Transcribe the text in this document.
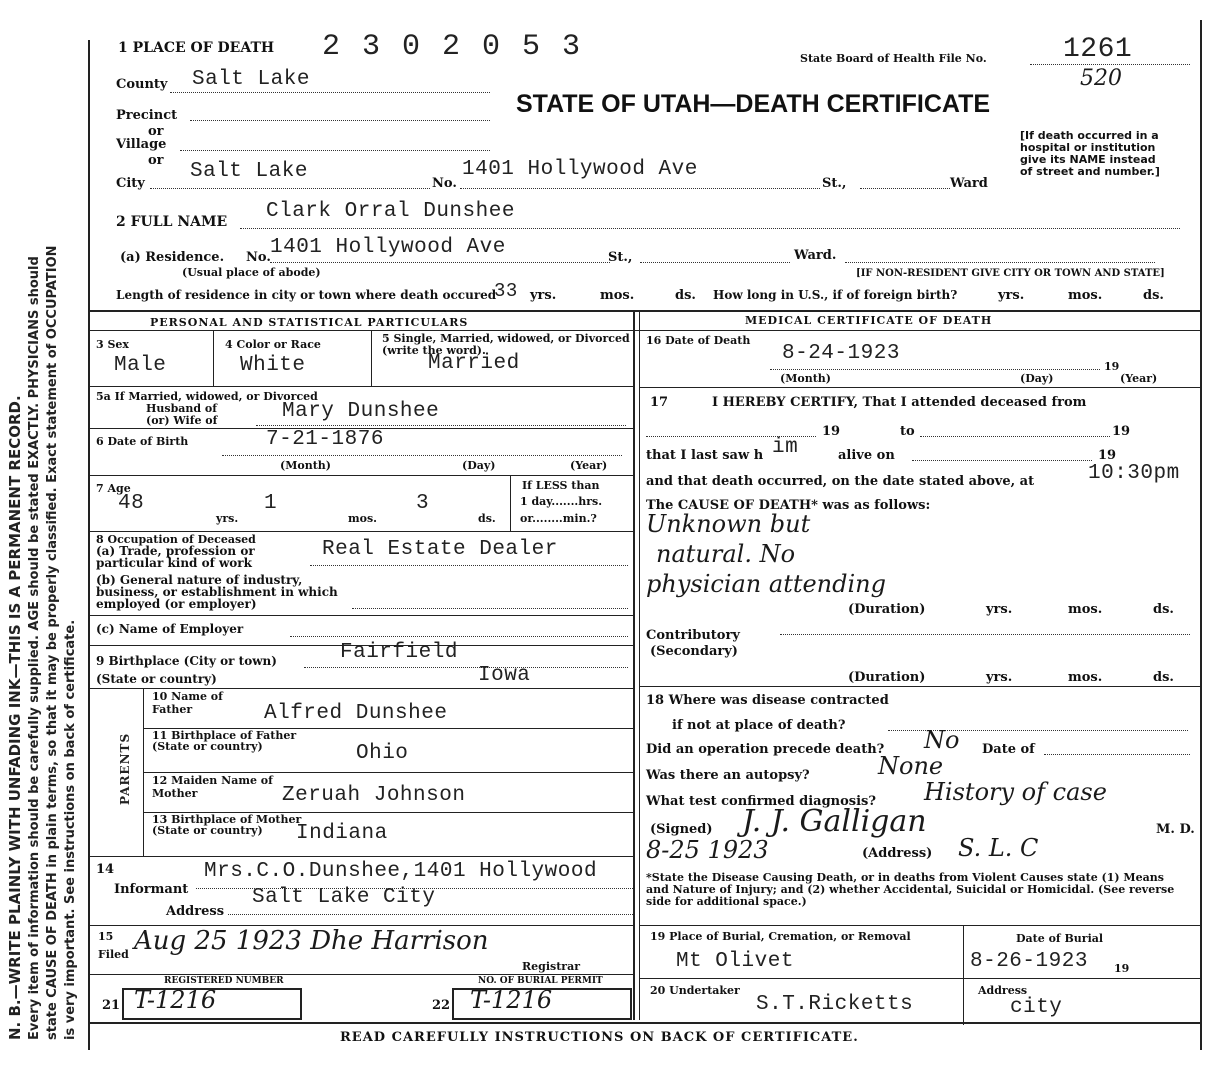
N. B.—WRITE PLAINLY WITH UNFADING INK—THIS IS A PERMANENT RECORD. Every item of information should be carefully supplied. AGE should be stated EXACTLY. PHYSICIANS should state CAUSE OF DEATH in plain terms, so that it may be properly classified. Exact statement of OCCUPATION is very important. See instructions on back of certificate.
1 PLACE OF DEATH 2 3 0 2 0 5 3	State Board of Health File No.	1261
520
STATE OF UTAH—DEATH CERTIFICATE
County Salt Lake
Precinct
or
Village
or
City
Salt Lake
No.
1401 Hollywood Ave
St.,	Ward
[If death occurred in a hospital or institution give its NAME instead of street and number.]
2 FULL NAME Clark Orral Dunshee
(a) Residence. No. 1401 Hollywood Ave	St.,	Ward.
(Usual place of abode)	[IF NON-RESIDENT GIVE CITY OR TOWN AND STATE]
Length of residence in city or town where death occured
33 yrs.	mos.	ds. How long in U.S., if of foreign birth?	yrs.	mos.	ds.
PERSONAL AND STATISTICAL PARTICULARS	MEDICAL CERTIFICATE OF DEATH
3 Sex
Male
4 Color or Race
White
5 Single, Married, widowed, or Divorced (write the word).
Married
5a If Married, widowed, or Divorced
Husband of
(or) Wife of	Mary Dunshee
6 Date of Birth	7-21-1876
(Month)	(Day)	(Year)
7 Age
48
yrs.
1
mos.
3
ds.
If LESS than
1 day.......hrs.
or........min.?
8 Occupation of Deceased
(a) Trade, profession or particular kind of work
Real Estate Dealer
(b) General nature of industry, business, or establishment in which employed (or employer)
(c) Name of Employer
9 Birthplace (City or town)	Fairfield
(State or country)	Iowa
PARENTS
10 Name of Father	Alfred Dunshee
11 Birthplace of Father (State or country)	Ohio
12 Maiden Name of Mother	Zeruah Johnson
13 Birthplace of Mother (State or country)	Indiana
14
Informant
Mrs.C.O.Dunshee,1401 Hollywood
Address
Salt Lake City
15
Filed Aug 25 1923 Dhe Harrison
Registrar
REGISTERED NUMBER	NO. OF BURIAL PERMIT
21 T-1216	22 T-1216
16 Date of Death
8-24-1923
19
(Month)	(Day)	(Year)
17	I HEREBY CERTIFY, That I attended deceased from
19	to	19
that I last saw h im	alive on	19
and that death occurred, on the date stated above, at	10:30pm
The CAUSE OF DEATH* was as follows:
Unknown but
natural. No
physician attending
(Duration)	yrs.	mos.	ds.
Contributory
(Secondary)
(Duration)	yrs.	mos.	ds.
18 Where was disease contracted
if not at place of death?
Did an operation precede death? No Date of
Was there an autopsy?	None
What test confirmed diagnosis? History of case
(Signed) J. J. Galligan	M. D.
8-25 1923	(Address) S. L. C
*State the Disease Causing Death, or in deaths from Violent Causes state (1) Means and Nature of Injury; and (2) whether Accidental, Suicidal or Homicidal. (See reverse side for additional space.)
19 Place of Burial, Cremation, or Removal
Mt Olivet
Date of Burial
8-26-1923 19
20 Undertaker
S.T.Ricketts
Address
city
READ CAREFULLY INSTRUCTIONS ON BACK OF CERTIFICATE.
